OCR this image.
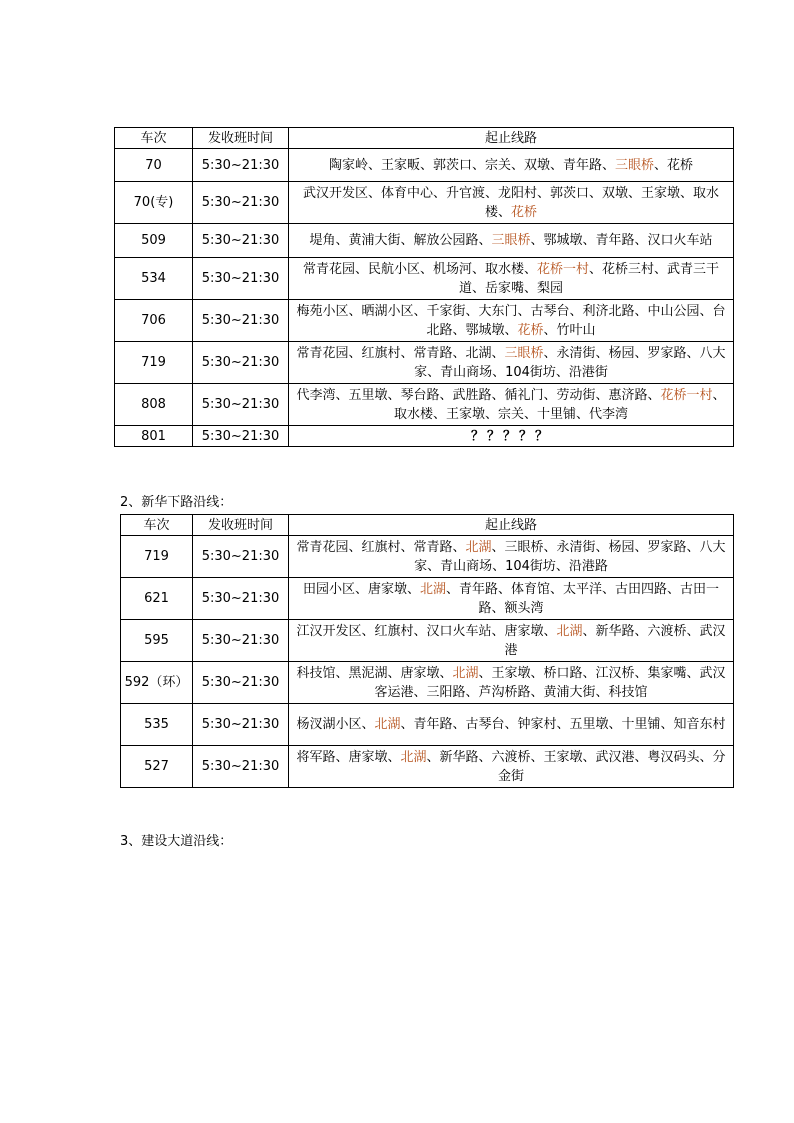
车次	发收班时间	起止线路
70	5:30~21:30	陶家岭、王家畈、郭茨口、宗关、双墩、青年路、三眼桥、花桥
70(专)	5:30~21:30	武汉开发区、体育中心、升官渡、龙阳村、郭茨口、双墩、王家墩、取水楼、花桥
509	5:30~21:30	堤角、黄浦大街、解放公园路、三眼桥、鄂城墩、青年路、汉口火车站
534	5:30~21:30	常青花园、民航小区、机场河、取水楼、花桥一村、花桥三村、武青三干道、岳家嘴、梨园
706	5:30~21:30	梅苑小区、晒湖小区、千家街、大东门、古琴台、利济北路、中山公园、台北路、鄂城墩、花桥、竹叶山
719	5:30~21:30	常青花园、红旗村、常青路、北湖、三眼桥、永清街、杨园、罗家路、八大家、青山商场、104街坊、沿港街
808	5:30~21:30	代李湾、五里墩、琴台路、武胜路、循礼门、劳动街、惠济路、花桥一村、取水楼、王家墩、宗关、十里铺、代李湾
801	5:30~21:30	？？？？？
2、新华下路沿线：
车次	发收班时间	起止线路
719	5:30~21:30	常青花园、红旗村、常青路、北湖、三眼桥、永清街、杨园、罗家路、八大家、青山商场、104街坊、沿港路
621	5:30~21:30	田园小区、唐家墩、北湖、青年路、体育馆、太平洋、古田四路、古田一路、额头湾
595	5:30~21:30	江汉开发区、红旗村、汉口火车站、唐家墩、北湖、新华路、六渡桥、武汉港
592（环）	5:30~21:30	科技馆、黑泥湖、唐家墩、北湖、王家墩、桥口路、江汉桥、集家嘴、武汉客运港、三阳路、芦沟桥路、黄浦大街、科技馆
535	5:30~21:30	杨汊湖小区、北湖、青年路、古琴台、钟家村、五里墩、十里铺、知音东村
527	5:30~21:30	将军路、唐家墩、北湖、新华路、六渡桥、王家墩、武汉港、粤汉码头、分金街
3、建设大道沿线：
